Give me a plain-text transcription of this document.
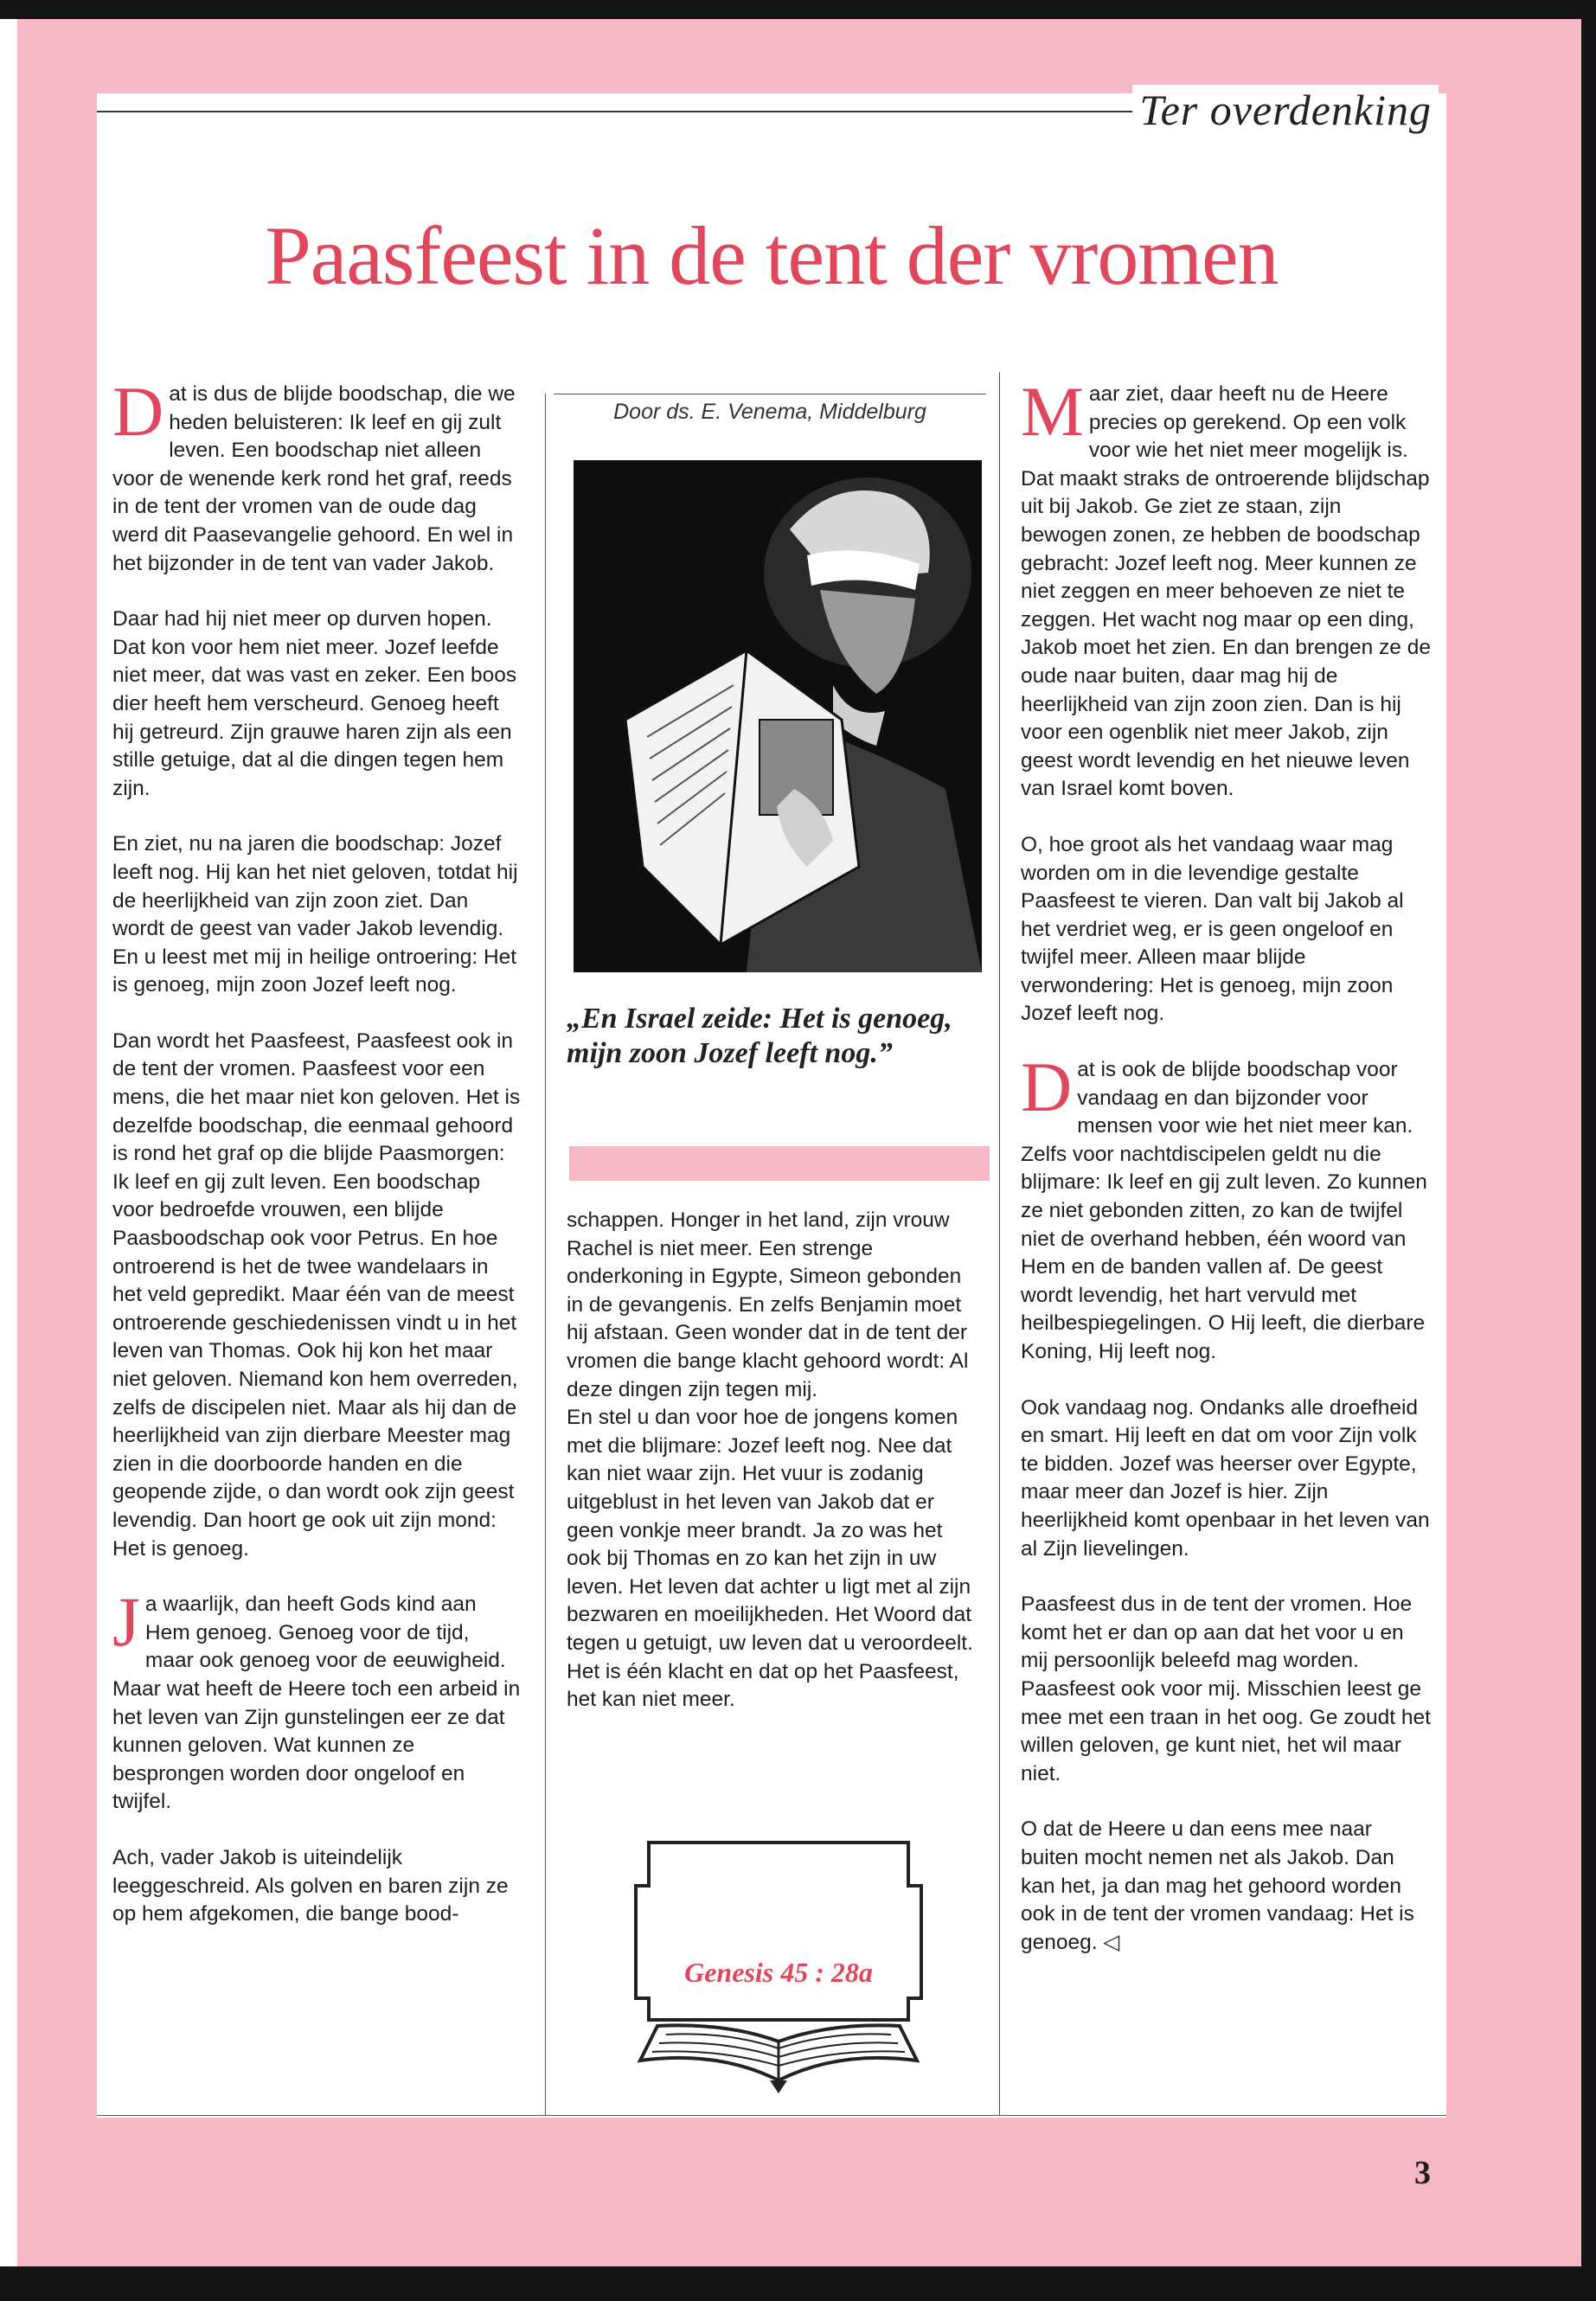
Ter overdenking
Paasfeest in de tent der vromen

Dat is dus de blijde boodschap, die we heden beluisteren: Ik leef en gij zult leven. Een boodschap niet alleen voor de wenende kerk rond het graf, reeds in de tent der vromen van de oude dag werd dit Paasevangelie gehoord. En wel in het bijzonder in de tent van vader Jakob.

Daar had hij niet meer op durven hopen. Dat kon voor hem niet meer. Jozef leefde niet meer, dat was vast en zeker. Een boos dier heeft hem verscheurd. Genoeg heeft hij getreurd. Zijn grauwe haren zijn als een stille getuige, dat al die dingen tegen hem zijn.

En ziet, nu na jaren die boodschap: Jozef leeft nog. Hij kan het niet geloven, totdat hij de heerlijkheid van zijn zoon ziet. Dan wordt de geest van vader Jakob levendig. En u leest met mij in heilige ontroering: Het is genoeg, mijn zoon Jozef leeft nog.

Dan wordt het Paasfeest, Paasfeest ook in de tent der vromen. Paasfeest voor een mens, die het maar niet kon geloven. Het is dezelfde boodschap, die eenmaal gehoord is rond het graf op die blijde Paasmorgen: Ik leef en gij zult leven. Een boodschap voor bedroefde vrouwen, een blijde Paasboodschap ook voor Petrus. En hoe ontroerend is het de twee wandelaars in het veld gepredikt. Maar één van de meest ontroerende geschiedenissen vindt u in het leven van Thomas. Ook hij kon het maar niet geloven. Niemand kon hem overreden, zelfs de discipelen niet. Maar als hij dan de heerlijkheid van zijn dierbare Meester mag zien in die doorboorde handen en die geopende zijde, o dan wordt ook zijn geest levendig. Dan hoort ge ook uit zijn mond: Het is genoeg.

Ja waarlijk, dan heeft Gods kind aan Hem genoeg. Genoeg voor de tijd, maar ook genoeg voor de eeuwigheid. Maar wat heeft de Heere toch een arbeid in het leven van Zijn gunstelingen eer ze dat kunnen geloven. Wat kunnen ze besprongen worden door ongeloof en twijfel.

Ach, vader Jakob is uiteindelijk leeggeschreid. Als golven en baren zijn ze op hem afgekomen, die bange bood-

Door ds. E. Venema, Middelburg

„En Israel zeide: Het is genoeg, mijn zoon Jozef leeft nog.”

schappen. Honger in het land, zijn vrouw Rachel is niet meer. Een strenge onderkoning in Egypte, Simeon gebonden in de gevangenis. En zelfs Benjamin moet hij afstaan. Geen wonder dat in de tent der vromen die bange klacht gehoord wordt: Al deze dingen zijn tegen mij.

En stel u dan voor hoe de jongens komen met die blijmare: Jozef leeft nog. Nee dat kan niet waar zijn. Het vuur is zodanig uitgeblust in het leven van Jakob dat er geen vonkje meer brandt. Ja zo was het ook bij Thomas en zo kan het zijn in uw leven. Het leven dat achter u ligt met al zijn bezwaren en moeilijkheden. Het Woord dat tegen u getuigt, uw leven dat u veroordeelt. Het is één klacht en dat op het Paasfeest, het kan niet meer.

Genesis 45 : 28a

Maar ziet, daar heeft nu de Heere precies op gerekend. Op een volk voor wie het niet meer mogelijk is. Dat maakt straks de ontroerende blijdschap uit bij Jakob. Ge ziet ze staan, zijn bewogen zonen, ze hebben de boodschap gebracht: Jozef leeft nog. Meer kunnen ze niet zeggen en meer behoeven ze niet te zeggen. Het wacht nog maar op een ding, Jakob moet het zien. En dan brengen ze de oude naar buiten, daar mag hij de heerlijkheid van zijn zoon zien. Dan is hij voor een ogenblik niet meer Jakob, zijn geest wordt levendig en het nieuwe leven van Israel komt boven.

O, hoe groot als het vandaag waar mag worden om in die levendige gestalte Paasfeest te vieren. Dan valt bij Jakob al het verdriet weg, er is geen ongeloof en twijfel meer. Alleen maar blijde verwondering: Het is genoeg, mijn zoon Jozef leeft nog.

Dat is ook de blijde boodschap voor vandaag en dan bijzonder voor mensen voor wie het niet meer kan. Zelfs voor nachtdiscipelen geldt nu die blijmare: Ik leef en gij zult leven. Zo kunnen ze niet gebonden zitten, zo kan de twijfel niet de overhand hebben, één woord van Hem en de banden vallen af. De geest wordt levendig, het hart vervuld met heilbespiegelingen. O Hij leeft, die dierbare Koning, Hij leeft nog.

Ook vandaag nog. Ondanks alle droefheid en smart. Hij leeft en dat om voor Zijn volk te bidden. Jozef was heerser over Egypte, maar meer dan Jozef is hier. Zijn heerlijkheid komt openbaar in het leven van al Zijn lievelingen.

Paasfeest dus in de tent der vromen. Hoe komt het er dan op aan dat het voor u en mij persoonlijk beleefd mag worden. Paasfeest ook voor mij. Misschien leest ge mee met een traan in het oog. Ge zoudt het willen geloven, ge kunt niet, het wil maar niet.

O dat de Heere u dan eens mee naar buiten mocht nemen net als Jakob. Dan kan het, ja dan mag het gehoord worden ook in de tent der vromen vandaag: Het is genoeg. ◁

3
